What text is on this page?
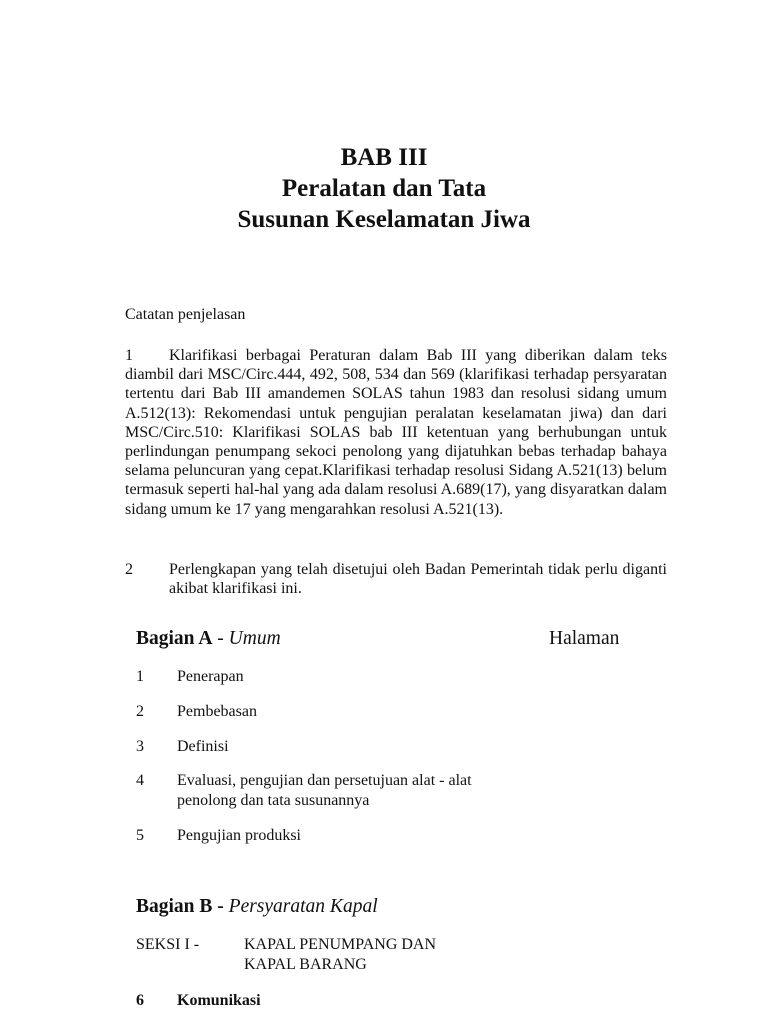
BAB III
Peralatan dan Tata
Susunan Keselamatan Jiwa
Catatan penjelasan
1	Klarifikasi berbagai Peraturan dalam Bab III yang diberikan dalam teks diambil dari MSC/Circ.444, 492, 508, 534 dan 569 (klarifikasi terhadap persyaratan tertentu dari Bab III amandemen SOLAS tahun 1983 dan resolusi sidang umum A.512(13): Rekomendasi untuk pengujian peralatan keselamatan jiwa) dan dari MSC/Circ.510: Klarifikasi SOLAS bab III ketentuan yang berhubungan untuk perlindungan penumpang sekoci penolong yang dijatuhkan bebas terhadap bahaya selama peluncuran yang cepat.Klarifikasi terhadap resolusi Sidang A.521(13) belum termasuk seperti hal-hal yang ada dalam resolusi A.689(17), yang disyaratkan dalam sidang umum ke 17 yang mengarahkan resolusi A.521(13).
2 Perlengkapan yang telah disetujui oleh Badan Pemerintah tidak perlu diganti akibat klarifikasi ini.
Bagian A - Umum	Halaman
1 Penerapan
2 Pembebasan
3 Definisi
4 Evaluasi, pengujian dan persetujuan alat - alat penolong dan tata susunannya
5 Pengujian produksi
Bagian B - Persyaratan Kapal
SEKSI I -	KAPAL PENUMPANG DAN KAPAL BARANG
6 Komunikasi
